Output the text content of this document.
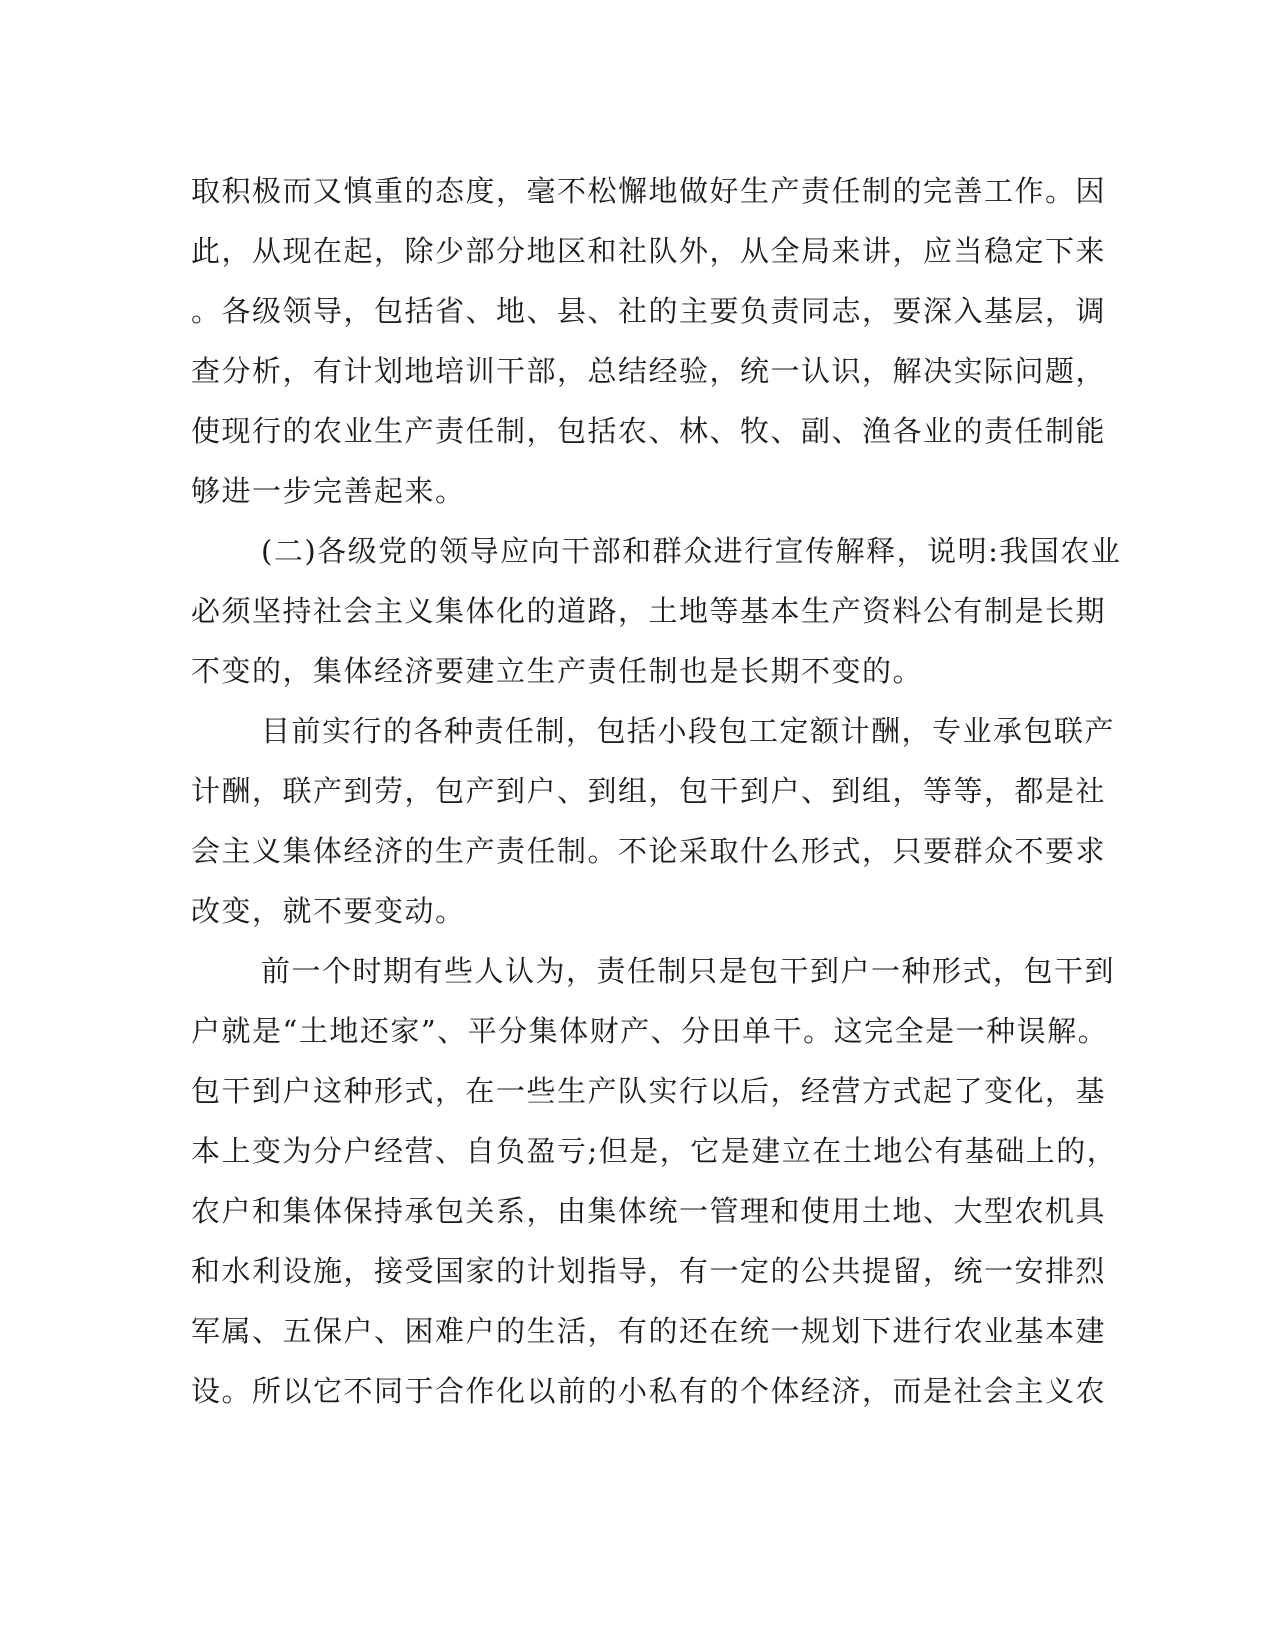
取积极而又慎重的态度，毫不松懈地做好生产责任制的完善工作。因
此，从现在起，除少部分地区和社队外，从全局来讲，应当稳定下来
。各级领导，包括省、地、县、社的主要负责同志，要深入基层，调
查分析，有计划地培训干部，总结经验，统一认识，解决实际问题，
使现行的农业生产责任制，包括农、林、牧、副、渔各业的责任制能
够进一步完善起来。
(二)各级党的领导应向干部和群众进行宣传解释，说明:我国农业
必须坚持社会主义集体化的道路，土地等基本生产资料公有制是长期
不变的，集体经济要建立生产责任制也是长期不变的。
目前实行的各种责任制，包括小段包工定额计酬，专业承包联产
计酬，联产到劳，包产到户、到组，包干到户、到组，等等，都是社
会主义集体经济的生产责任制。不论采取什么形式，只要群众不要求
改变，就不要变动。
前一个时期有些人认为，责任制只是包干到户一种形式，包干到
户就是“土地还家”、平分集体财产、分田单干。这完全是一种误解。
包干到户这种形式，在一些生产队实行以后，经营方式起了变化，基
本上变为分户经营、自负盈亏;但是，它是建立在土地公有基础上的，
农户和集体保持承包关系，由集体统一管理和使用土地、大型农机具
和水利设施，接受国家的计划指导，有一定的公共提留，统一安排烈
军属、五保户、困难户的生活，有的还在统一规划下进行农业基本建
设。所以它不同于合作化以前的小私有的个体经济，而是社会主义农
